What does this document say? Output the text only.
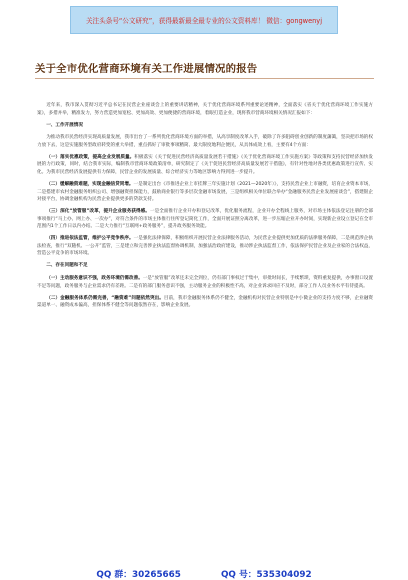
关注头条号“公文研究”，获得最新最全最专业的公文资料库！ 微信：gongwenyj
关于全市优化营商环境有关工作进展情况的报告

近年来，我市深入贯彻习近平总书记在民营企业座谈会上的重要讲话精神，关于优化营商环境系列重要论述精神，全面落实《省关于优化营商环境工作实施方案》，多措并举，精准发力，努力营造更加宽松、更加高效、更加便捷的营商环境，着眼打造企业，现将我市营商环境相关情况汇报如下：

一、工作开展情况

为推动我市民营经济实现高质量发展，我市出台了一系列优化营商环境方面的举措，从高享制度改革入手，破除了许多阻碍创业创新的制度藩篱，坚决把市场的权力放下去，这是实施服务型政府转变的重大举措，重点抓好了审批事项精简、最大限度地利企便民，从具体成效上看，主要有4个方面：

（一）落实优惠政策，提高企业发展质量。积极落实《关于促进民营经济高质量发展若干措施》《关于优化营商环境工作实施方案》等政策和支持民营经济加快发展的力行政策，同时，结合我市实际，编制我市营商环境政策清单，研究制定了《关于促进民营经济高质量发展若干措施》，有针对性地对各类优惠政策进行宣传、实化。为我市民营经济发展提供有力保障，民营企业的发展质量、综合经济实力等地区影响力得到进一步提升。

（二）缓解融资难题，实现金融信贷同增。一是制定出台《市推进企业上市挂牌三年实施计划（2021—2020年）》，支持民营企业上市融资，培育企业资本市场，二是搭建市农村金融服务组织公司、增强融资担保能力，鼓励商业银行等多层次金融市场发展，三是组织相关单位联合举办“金融服务民营企业发展座谈会”，搭建银企对接平台，协调金融机构为民营企业提供更多的贷款支持。

（三）深化“放管服”改革，提升企业服务获得感。一是全面推行企业开办和登记改革，优化服务流程，企业开办全程线上服务，对市场主体依法登记注册的全部事项推行“马上办、网上办、一次办”，对符合条件的市场主体推行住所登记简化工作，全面开展证照分离改革，进一步压缩企业开办时间，实现新企业设立登记在全市范围内1个工作日以内办结。二是大力推行“互联网+政务服务”，提升政务服务效能。

（四）推进依法监管，维护公平竞争秩序。一是强化法律保障，积极组织开展民营企业法律服务活动，为民营企业提供更加优质的法律服务保障，二是规范涉企执法检查，推行“双随机、一公开”监管，三是建立和完善涉企执法监督协调机制，加强法治政府建设，推动涉企执法监督工作，依法保护民营企业及企业家的合法权益，营造公平竞争的市场环境。

二、存在问题和不足

（一）主动服务意识不强，政务环境仍需改善。一是“放管服”改革还未完全到位，仍有部门事权过于集中，审批时间长，手续繁琐，资料重复提供，办事窗口设置不足等问题，政务服务与企业需求仍有差距。二是有的部门服务意识不强，主动服务企业的积极性不高，对企业诉求回应不及时，部分工作人员业务水平有待提高。

（二）金融服务体系仍需完善，“融资难”问题依然突出。目前，我市金融服务体系仍不健全，金融机构对民营企业特别是中小微企业的支持力度不够，企业融资渠道单一、融资成本偏高，担保体系不健全等问题依然存在，影响企业发展。

QQ 群：30265665	QQ 号：535304092
